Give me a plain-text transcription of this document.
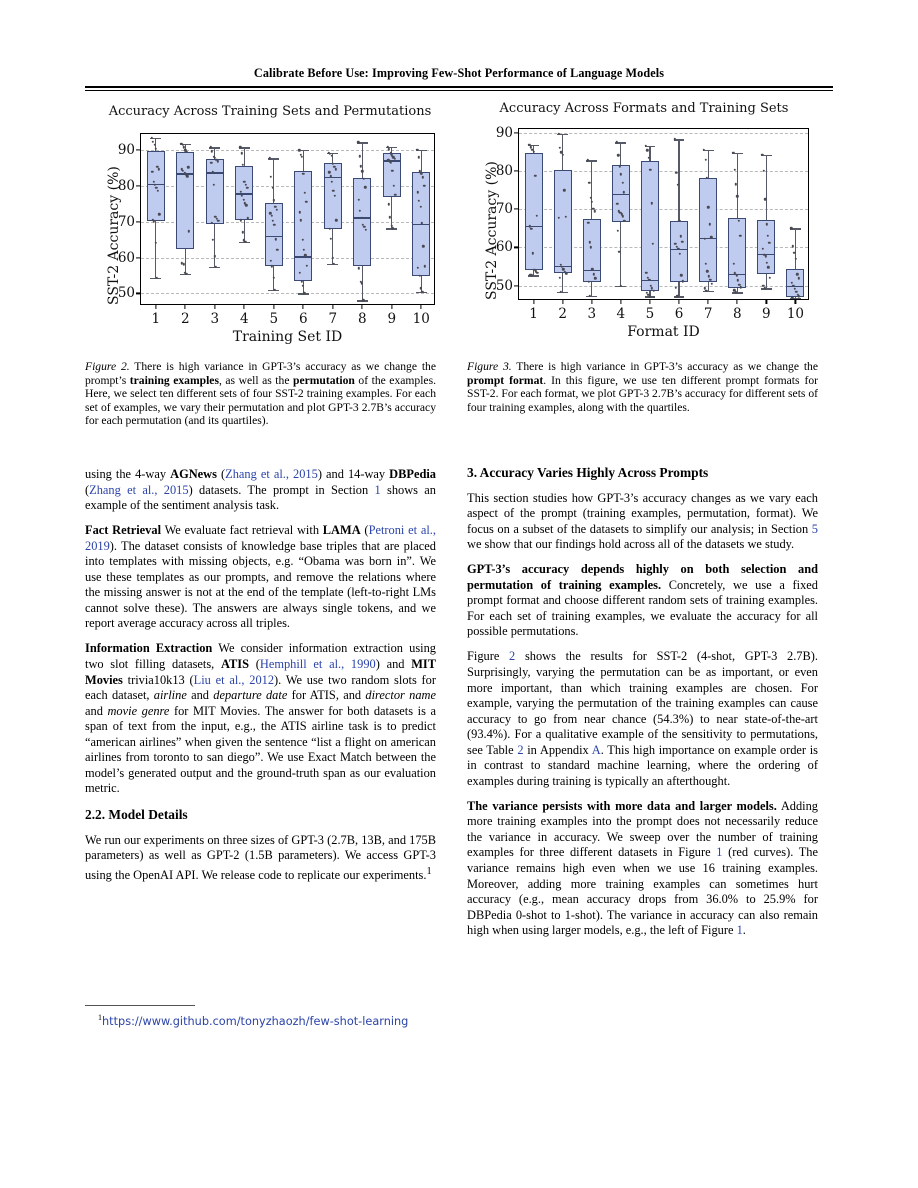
Calibrate Before Use: Improving Few-Shot Performance of Language Models
Accuracy Across Training Sets and Permutations
50
60
70
80
90
1 2 3 4 5 6 7 8 9 10
SST-2 Accuracy (%)
Training Set ID
Figure 2. There is high variance in GPT-3’s accuracy as we change the prompt’s training examples, as well as the permutation of the examples. Here, we select ten different sets of four SST-2 training examples. For each set of examples, we vary their permutation and plot GPT-3 2.7B’s accuracy for each permutation (and its quartiles).
Accuracy Across Formats and Training Sets
50
60
70
80
90
1 2 3 4 5 6 7 8 9 10
SST-2 Accuracy (%)
Format ID
Figure 3. There is high variance in GPT-3’s accuracy as we change the prompt format. In this figure, we use ten different prompt formats for SST-2. For each format, we plot GPT-3 2.7B’s accuracy for different sets of four training examples, along with the quartiles.

using the 4-way AGNews (Zhang et al., 2015) and 14-way DBPedia (Zhang et al., 2015) datasets. The prompt in Section 1 shows an example of the sentiment analysis task.

Fact Retrieval We evaluate fact retrieval with LAMA (Petroni et al., 2019). The dataset consists of knowledge base triples that are placed into templates with missing objects, e.g. “Obama was born in”. We use these templates as our prompts, and remove the relations where the missing answer is not at the end of the template (left-to-right LMs cannot solve these). The answers are always single tokens, and we report average accuracy across all triples.

Information Extraction We consider information extraction using two slot filling datasets, ATIS (Hemphill et al., 1990) and MIT Movies trivia10k13 (Liu et al., 2012). We use two random slots for each dataset, airline and departure date for ATIS, and director name and movie genre for MIT Movies. The answer for both datasets is a span of text from the input, e.g., the ATIS airline task is to predict “american airlines” when given the sentence “list a flight on american airlines from toronto to san diego”. We use Exact Match between the model’s generated output and the ground-truth span as our evaluation metric.

2.2. Model Details

We run our experiments on three sizes of GPT-3 (2.7B, 13B, and 175B parameters) as well as GPT-2 (1.5B parameters). We access GPT-3 using the OpenAI API. We release code to replicate our experiments.$^1$

$^1$https://www.github.com/tonyzhaozh/few-shot-learning

3. Accuracy Varies Highly Across Prompts

This section studies how GPT-3’s accuracy changes as we vary each aspect of the prompt (training examples, permutation, format). We focus on a subset of the datasets to simplify our analysis; in Section 5 we show that our findings hold across all of the datasets we study.

GPT-3’s accuracy depends highly on both selection and permutation of training examples. Concretely, we use a fixed prompt format and choose different random sets of training examples. For each set of training examples, we evaluate the accuracy for all possible permutations.

Figure 2 shows the results for SST-2 (4-shot, GPT-3 2.7B). Surprisingly, varying the permutation can be as important, or even more important, than which training examples are chosen. For example, varying the permutation of the training examples can cause accuracy to go from near chance (54.3%) to near state-of-the-art (93.4%). For a qualitative example of the sensitivity to permutations, see Table 2 in Appendix A. This high importance on example order is in contrast to standard machine learning, where the ordering of examples during training is typically an afterthought.

The variance persists with more data and larger models. Adding more training examples into the prompt does not necessarily reduce the variance in accuracy. We sweep over the number of training examples for three different datasets in Figure 1 (red curves). The variance remains high even when we use 16 training examples. Moreover, adding more training examples can sometimes hurt accuracy (e.g., mean accuracy drops from 36.0% to 25.9% for DBPedia 0-shot to 1-shot). The variance in accuracy can also remain high when using larger models, e.g., the left of Figure 1.
